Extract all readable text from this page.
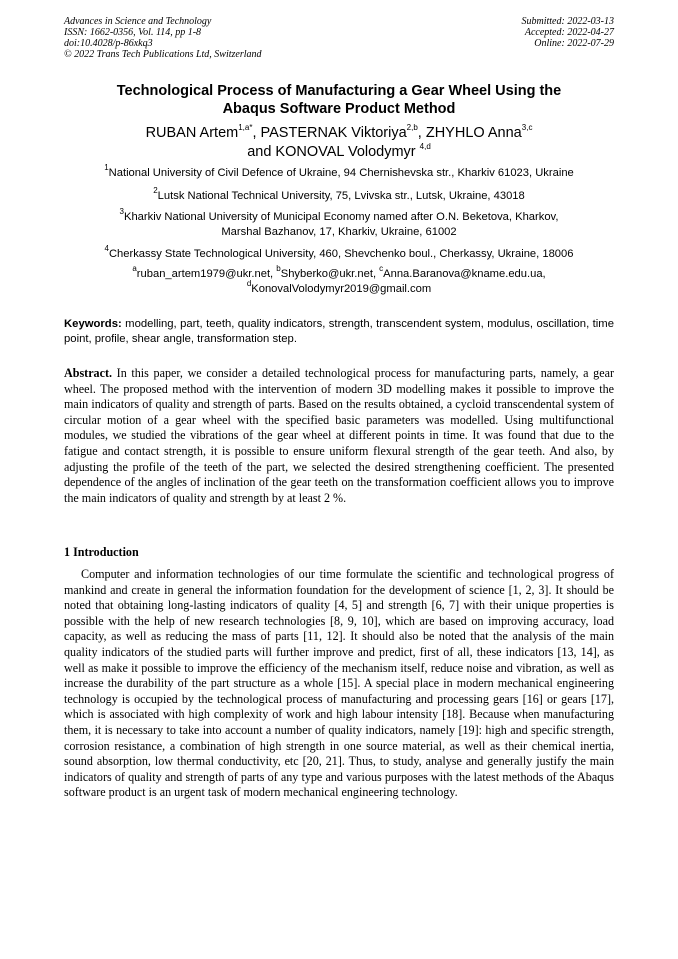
Advances in Science and Technology
ISSN: 1662-0356, Vol. 114, pp 1-8
doi:10.4028/p-86xkq3
© 2022 Trans Tech Publications Ltd, Switzerland
Submitted: 2022-03-13
Accepted: 2022-04-27
Online: 2022-07-29
Technological Process of Manufacturing a Gear Wheel Using the
Abaqus Software Product Method
RUBAN Artem$^{1,a*}$, PASTERNAK Viktoriya$^{2,b}$, ZHYHLO Anna$^{3,c}$
and KONOVAL Volodymyr $^{4,d}$
$^1$National University of Civil Defence of Ukraine, 94 Chernishevska str., Kharkiv 61023, Ukraine
$^2$Lutsk National Technical University, 75, Lvivska str., Lutsk, Ukraine, 43018
$^3$Kharkiv National University of Municipal Economy named after O.N. Beketova, Kharkov,
Marshal Bazhanov, 17, Kharkiv, Ukraine, 61002
$^4$Cherkassy State Technological University, 460, Shevchenko boul., Cherkassy, Ukraine, 18006
$^a$ruban_artem1979@ukr.net, $^b$Shyberko@ukr.net, $^c$Anna.Baranova@kname.edu.ua,
$^d$KonovalVolodymyr2019@gmail.com
Keywords: modelling, part, teeth, quality indicators, strength, transcendent system, modulus, oscillation, time point, profile, shear angle, transformation step.
Abstract. In this paper, we consider a detailed technological process for manufacturing parts, namely, a gear wheel. The proposed method with the intervention of modern 3D modelling makes it possible to improve the main indicators of quality and strength of parts. Based on the results obtained, a cycloid transcendental system of circular motion of a gear wheel with the specified basic parameters was modelled. Using multifunctional modules, we studied the vibrations of the gear wheel at different points in time. It was found that due to the fatigue and contact strength, it is possible to ensure uniform flexural strength of the gear teeth. And also, by adjusting the profile of the teeth of the part, we selected the desired strengthening coefficient. The presented dependence of the angles of inclination of the gear teeth on the transformation coefficient allows you to improve the main indicators of quality and strength by at least 2 %.
1 Introduction
Computer and information technologies of our time formulate the scientific and technological progress of mankind and create in general the information foundation for the development of science [1, 2, 3]. It should be noted that obtaining long-lasting indicators of quality [4, 5] and strength [6, 7] with their unique properties is possible with the help of new research technologies [8, 9, 10], which are based on improving accuracy, load capacity, as well as reducing the mass of parts [11, 12]. It should also be noted that the analysis of the main quality indicators of the studied parts will further improve and predict, first of all, these indicators [13, 14], as well as make it possible to improve the efficiency of the mechanism itself, reduce noise and vibration, as well as increase the durability of the part structure as a whole [15]. A special place in modern mechanical engineering technology is occupied by the technological process of manufacturing and processing gears [16] or gears [17], which is associated with high complexity of work and high labour intensity [18]. Because when manufacturing them, it is necessary to take into account a number of quality indicators, namely [19]: high and specific strength, corrosion resistance, a combination of high strength in one source material, as well as their chemical inertia, sound absorption, low thermal conductivity, etc [20, 21]. Thus, to study, analyse and generally justify the main indicators of quality and strength of parts of any type and various purposes with the latest methods of the Abaqus software product is an urgent task of modern mechanical engineering technology.
